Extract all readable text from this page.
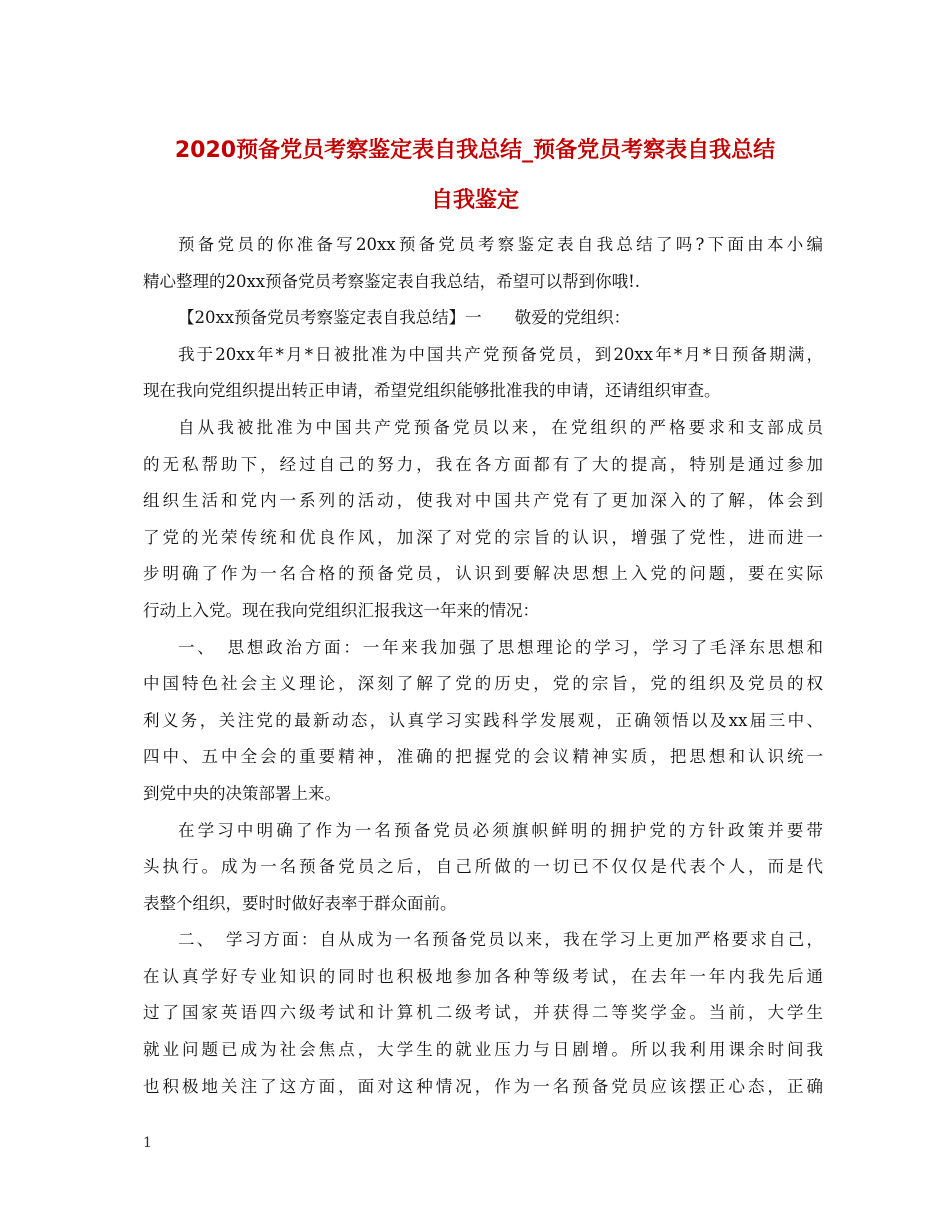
2020预备党员考察鉴定表自我总结_预备党员考察表自我总结
自我鉴定
预备党员的你准备写20xx预备党员考察鉴定表自我总结了吗?下面由本小编
精心整理的20xx预备党员考察鉴定表自我总结，希望可以帮到你哦!.
【20xx预备党员考察鉴定表自我总结】一　　敬爱的党组织：
我于20xx年*月*日被批准为中国共产党预备党员，到20xx年*月*日预备期满，
现在我向党组织提出转正申请，希望党组织能够批准我的申请，还请组织审查。
自从我被批准为中国共产党预备党员以来，在党组织的严格要求和支部成员
的无私帮助下，经过自己的努力，我在各方面都有了大的提高，特别是通过参加
组织生活和党内一系列的活动，使我对中国共产党有了更加深入的了解，体会到
了党的光荣传统和优良作风，加深了对党的宗旨的认识，增强了党性，进而进一
步明确了作为一名合格的预备党员，认识到要解决思想上入党的问题，要在实际
行动上入党。现在我向党组织汇报我这一年来的情况：
一、　思想政治方面：一年来我加强了思想理论的学习，学习了毛泽东思想和
中国特色社会主义理论，深刻了解了党的历史，党的宗旨，党的组织及党员的权
利义务，关注党的最新动态，认真学习实践科学发展观，正确领悟以及xx届三中、
四中、五中全会的重要精神，准确的把握党的会议精神实质，把思想和认识统一
到党中央的决策部署上来。
在学习中明确了作为一名预备党员必须旗帜鲜明的拥护党的方针政策并要带
头执行。成为一名预备党员之后，自己所做的一切已不仅仅是代表个人，而是代
表整个组织，要时时做好表率于群众面前。
二、　学习方面：自从成为一名预备党员以来，我在学习上更加严格要求自己，
在认真学好专业知识的同时也积极地参加各种等级考试，在去年一年内我先后通
过了国家英语四六级考试和计算机二级考试，并获得二等奖学金。当前，大学生
就业问题已成为社会焦点，大学生的就业压力与日剧增。所以我利用课余时间我
也积极地关注了这方面，面对这种情况，作为一名预备党员应该摆正心态，正确
1
